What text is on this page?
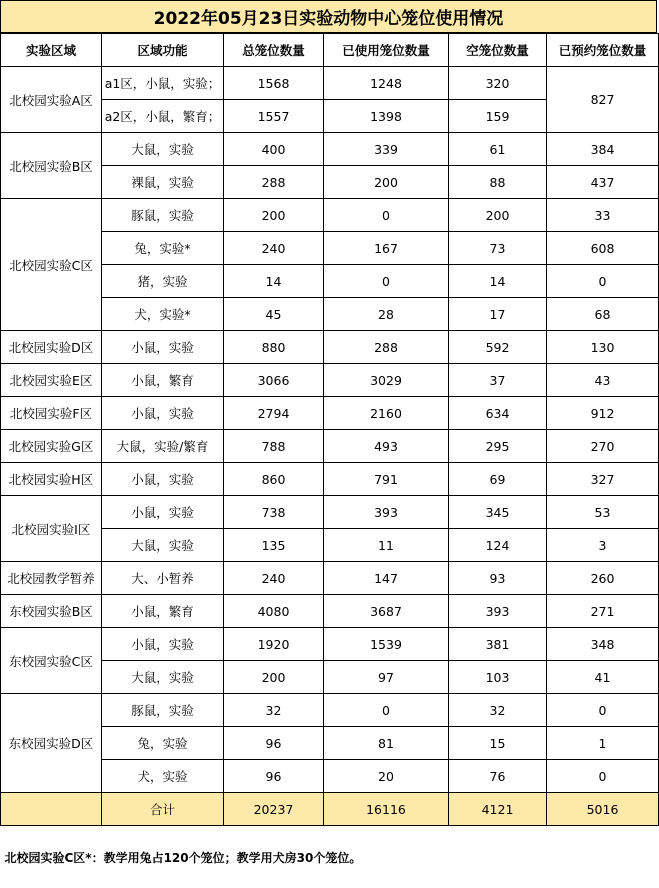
2022年05月23日实验动物中心笼位使用情况
实验区域	区域功能	总笼位数量	已使用笼位数量	空笼位数量	已预约笼位数量
北校园实验A区	a1区，小鼠，实验；	1568	1248	320	827
	a2区，小鼠，繁育；	1557	1398	159	
北校园实验B区	大鼠，实验	400	339	61	384
	裸鼠，实验	288	200	88	437
北校园实验C区	豚鼠，实验	200	0	200	33
	兔，实验*	240	167	73	608
	猪，实验	14	0	14	0
	犬，实验*	45	28	17	68
北校园实验D区	小鼠，实验	880	288	592	130
北校园实验E区	小鼠，繁育	3066	3029	37	43
北校园实验F区	小鼠，实验	2794	2160	634	912
北校园实验G区	大鼠，实验/繁育	788	493	295	270
北校园实验H区	小鼠，实验	860	791	69	327
北校园实验I区	小鼠，实验	738	393	345	53
	大鼠，实验	135	11	124	3
北校园教学暂养	大、小暂养	240	147	93	260
东校园实验B区	小鼠，繁育	4080	3687	393	271
东校园实验C区	小鼠，实验	1920	1539	381	348
	大鼠，实验	200	97	103	41
东校园实验D区	豚鼠，实验	32	0	32	0
	兔，实验	96	81	15	1
	犬，实验	96	20	76	0
	合计	20237	16116	4121	5016
北校园实验C区*：教学用兔占120个笼位；教学用犬房30个笼位。					
